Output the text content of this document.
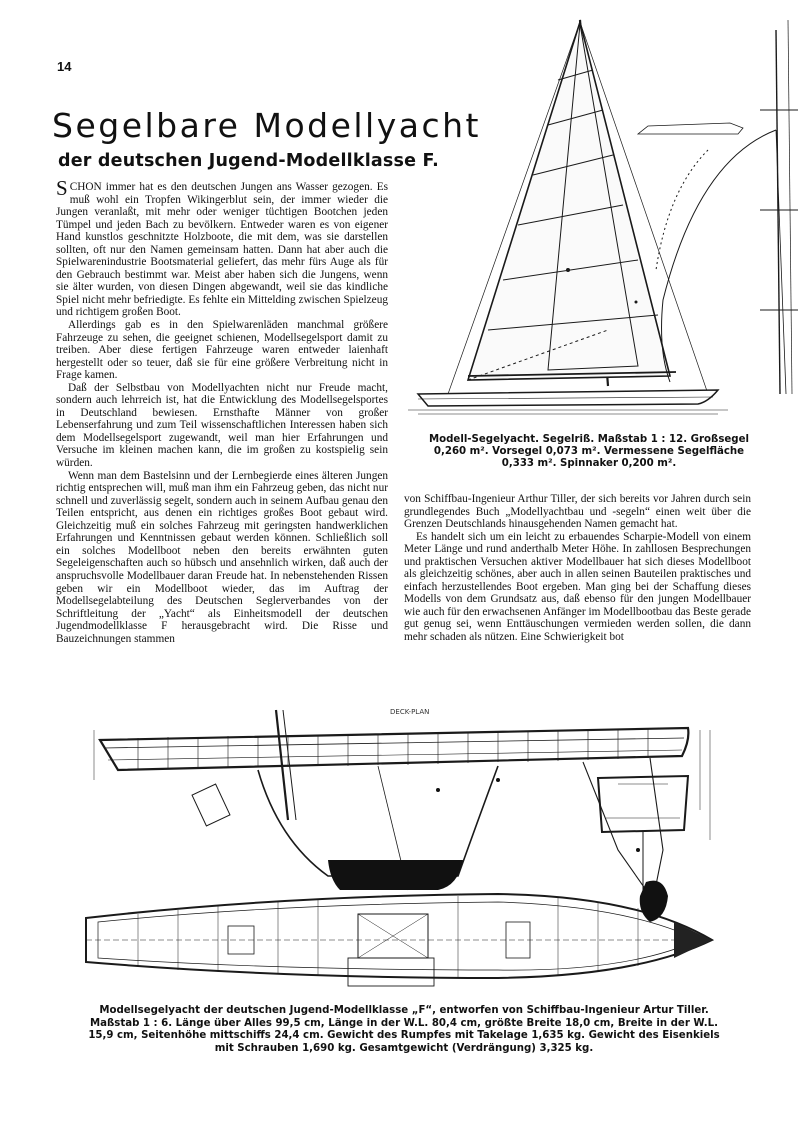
14
Segelbare Modellyacht
der deutschen Jugend-Modellklasse F.

SCHON immer hat es den deutschen Jungen ans Wasser gezogen. Es muß wohl ein Tropfen Wikingerblut sein, der immer wieder die Jungen veranlaßt, mit mehr oder weniger tüchtigen Bootchen jeden Tümpel und jeden Bach zu bevölkern. Entweder waren es von eigener Hand kunstlos geschnitzte Holzboote, die mit dem, was sie darstellen sollten, oft nur den Namen gemeinsam hatten. Dann hat aber auch die Spielwarenindustrie Bootsmaterial geliefert, das mehr fürs Auge als für den Gebrauch bestimmt war. Meist aber haben sich die Jungens, wenn sie älter wurden, von diesen Dingen abgewandt, weil sie das kindliche Spiel nicht mehr befriedigte. Es fehlte ein Mittelding zwischen Spielzeug und richtigem großen Boot.

Allerdings gab es in den Spielwarenläden manchmal größere Fahrzeuge zu sehen, die geeignet schienen, Modellsegelsport damit zu treiben. Aber diese fertigen Fahrzeuge waren entweder laienhaft hergestellt oder so teuer, daß sie für eine größere Verbreitung nicht in Frage kamen.

Daß der Selbstbau von Modellyachten nicht nur Freude macht, sondern auch lehrreich ist, hat die Entwicklung des Modellsegelsportes in Deutschland bewiesen. Ernsthafte Männer von großer Lebenserfahrung und zum Teil wissenschaftlichen Interessen haben sich dem Modellsegelsport zugewandt, weil man hier Erfahrungen und Versuche im kleinen machen kann, die im großen zu kostspielig sein würden.

Wenn man dem Bastelsinn und der Lernbegierde eines älteren Jungen richtig entsprechen will, muß man ihm ein Fahrzeug geben, das nicht nur schnell und zuverlässig segelt, sondern auch in seinem Aufbau genau den Teilen entspricht, aus denen ein richtiges großes Boot gebaut wird. Gleichzeitig muß ein solches Fahrzeug mit geringsten handwerklichen Erfahrungen und Kenntnissen gebaut werden können. Schließlich soll ein solches Modellboot neben den bereits erwähnten guten Segeleigenschaften auch so hübsch und ansehnlich wirken, daß auch der anspruchsvolle Modellbauer daran Freude hat. In nebenstehenden Rissen geben wir ein Modellboot wieder, das im Auftrag der Modellsegelabteilung des Deutschen Seglerverbandes von der Schriftleitung der „Yacht“ als Einheitsmodell der deutschen Jugendmodellklasse F herausgebracht wird. Die Risse und Bauzeichnungen stammen

von Schiffbau-Ingenieur Arthur Tiller, der sich bereits vor Jahren durch sein grundlegendes Buch „Modellyachtbau und -segeln“ einen weit über die Grenzen Deutschlands hinausgehenden Namen gemacht hat.

Es handelt sich um ein leicht zu erbauendes Scharpie-Modell von einem Meter Länge und rund anderthalb Meter Höhe. In zahllosen Besprechungen und praktischen Versuchen aktiver Modellbauer hat sich dieses Modellboot als gleichzeitig schönes, aber auch in allen seinen Bauteilen praktisches und einfach herzustellendes Boot ergeben. Man ging bei der Schaffung dieses Modells von dem Grundsatz aus, daß ebenso für den jungen Modellbauer wie auch für den erwachsenen Anfänger im Modellbootbau das Beste gerade gut genug sei, wenn Enttäuschungen vermieden werden sollen, die dann mehr schaden als nützen. Eine Schwierigkeit bot

Modell-Segelyacht. Segelriß. Maßstab 1 : 12. Großsegel 0,260 m². Vorsegel 0,073 m². Vermessene Segelfläche 0,333 m². Spinnaker 0,200 m².
DECK-PLAN
Modellsegelyacht der deutschen Jugend-Modellklasse „F“, entworfen von Schiffbau-Ingenieur Artur Tiller. Maßstab 1 : 6. Länge über Alles 99,5 cm, Länge in der W.L. 80,4 cm, größte Breite 18,0 cm, Breite in der W.L. 15,9 cm, Seitenhöhe mittschiffs 24,4 cm. Gewicht des Rumpfes mit Takelage 1,635 kg. Gewicht des Eisenkiels mit Schrauben 1,690 kg. Gesamtgewicht (Verdrängung) 3,325 kg.
